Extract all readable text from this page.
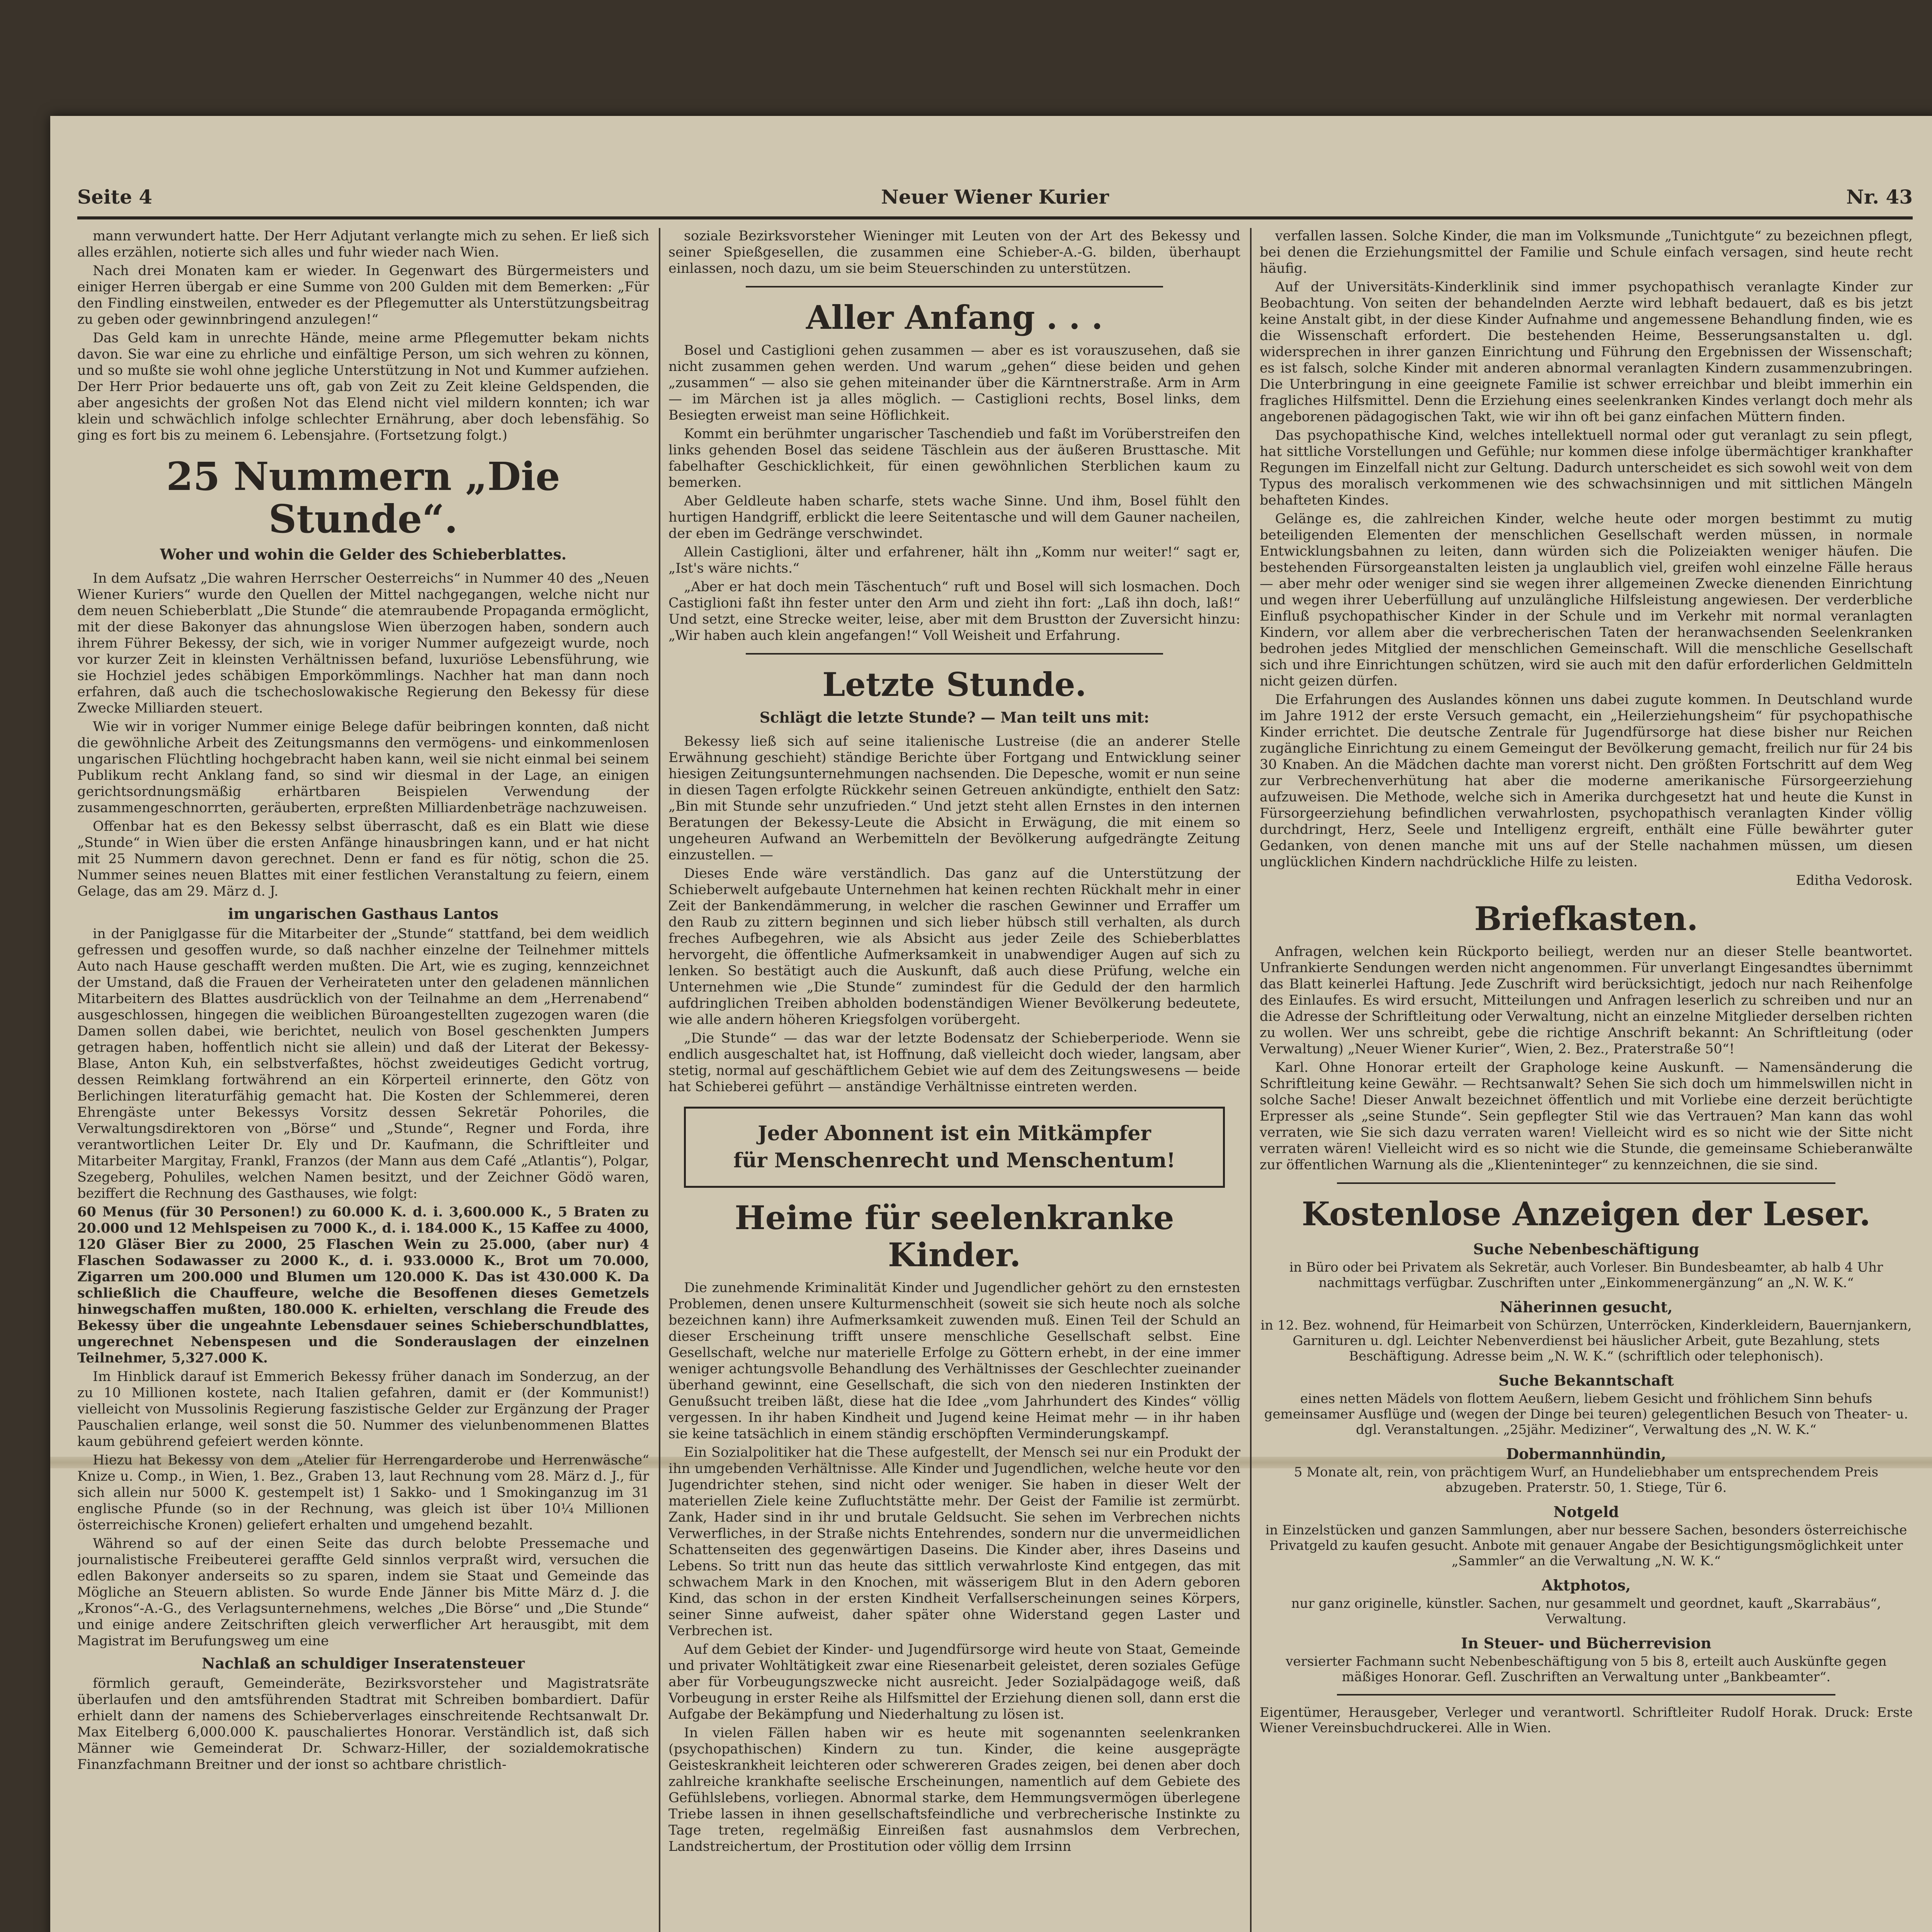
Seite 4	Neuer Wiener Kurier	Nr. 43

mann verwundert hatte. Der Herr Adjutant verlangte mich zu sehen. Er ließ sich alles erzählen, notierte sich alles und fuhr wieder nach Wien.

Nach drei Monaten kam er wieder. In Gegenwart des Bürgermeisters und einiger Herren übergab er eine Summe von 200 Gulden mit dem Bemerken: „Für den Findling einstweilen, entweder es der Pflegemutter als Unterstützungsbeitrag zu geben oder gewinnbringend anzulegen!“

Das Geld kam in unrechte Hände, meine arme Pflegemutter bekam nichts davon. Sie war eine zu ehrliche und einfältige Person, um sich wehren zu können, und so mußte sie wohl ohne jegliche Unterstützung in Not und Kummer aufziehen. Der Herr Prior bedauerte uns oft, gab von Zeit zu Zeit kleine Geldspenden, die aber angesichts der großen Not das Elend nicht viel mildern konnten; ich war klein und schwächlich infolge schlechter Ernährung, aber doch lebensfähig. So ging es fort bis zu meinem 6. Lebensjahre. (Fortsetzung folgt.)

25 Nummern „Die Stunde“.
Woher und wohin die Gelder des Schieberblattes.

In dem Aufsatz „Die wahren Herrscher Oesterreichs“ in Nummer 40 des „Neuen Wiener Kuriers“ wurde den Quellen der Mittel nachgegangen, welche nicht nur dem neuen Schieberblatt „Die Stunde“ die atemraubende Propaganda ermöglicht, mit der diese Bakonyer das ahnungslose Wien überzogen haben, sondern auch ihrem Führer Bekessy, der sich, wie in voriger Nummer aufgezeigt wurde, noch vor kurzer Zeit in kleinsten Verhältnissen befand, luxuriöse Lebensführung, wie sie Hochziel jedes schäbigen Emporkömmlings. Nachher hat man dann noch erfahren, daß auch die tschechoslowakische Regierung den Bekessy für diese Zwecke Milliarden steuert.

Wie wir in voriger Nummer einige Belege dafür beibringen konnten, daß nicht die gewöhnliche Arbeit des Zeitungsmanns den vermögens- und einkommenlosen ungarischen Flüchtling hochgebracht haben kann, weil sie nicht einmal bei seinem Publikum recht Anklang fand, so sind wir diesmal in der Lage, an einigen gerichtsordnungsmäßig erhärtbaren Beispielen Verwendung der zusammengeschnorrten, geräuberten, erpreßten Milliardenbeträge nachzuweisen.

Offenbar hat es den Bekessy selbst überrascht, daß es ein Blatt wie diese „Stunde“ in Wien über die ersten Anfänge hinausbringen kann, und er hat nicht mit 25 Nummern davon gerechnet. Denn er fand es für nötig, schon die 25. Nummer seines neuen Blattes mit einer festlichen Veranstaltung zu feiern, einem Gelage, das am 29. März d. J.

im ungarischen Gasthaus Lantos

in der Paniglgasse für die Mitarbeiter der „Stunde“ stattfand, bei dem weidlich gefressen und gesoffen wurde, so daß nachher einzelne der Teilnehmer mittels Auto nach Hause geschafft werden mußten. Die Art, wie es zuging, kennzeichnet der Umstand, daß die Frauen der Verheirateten unter den geladenen männlichen Mitarbeitern des Blattes ausdrücklich von der Teilnahme an dem „Herrenabend“ ausgeschlossen, hingegen die weiblichen Büroangestellten zugezogen waren (die Damen sollen dabei, wie berichtet, neulich von Bosel geschenkten Jumpers getragen haben, hoffentlich nicht sie allein) und daß der Literat der Bekessy-Blase, Anton Kuh, ein selbstverfaßtes, höchst zweideutiges Gedicht vortrug, dessen Reimklang fortwährend an ein Körperteil erinnerte, den Götz von Berlichingen literaturfähig gemacht hat. Die Kosten der Schlemmerei, deren Ehrengäste unter Bekessys Vorsitz dessen Sekretär Pohoriles, die Verwaltungsdirektoren von „Börse“ und „Stunde“, Regner und Forda, ihre verantwortlichen Leiter Dr. Ely und Dr. Kaufmann, die Schriftleiter und Mitarbeiter Margitay, Frankl, Franzos (der Mann aus dem Café „Atlantis“), Polgar, Szegeberg, Pohuliles, welchen Namen besitzt, und der Zeichner Gödö waren, beziffert die Rechnung des Gasthauses, wie folgt:

60 Menus (für 30 Personen!) zu 60.000 K. d. i. 3,600.000 K., 5 Braten zu 20.000 und 12 Mehlspeisen zu 7000 K., d. i. 184.000 K., 15 Kaffee zu 4000, 120 Gläser Bier zu 2000, 25 Flaschen Wein zu 25.000, (aber nur) 4 Flaschen Sodawasser zu 2000 K., d. i. 933.0000 K., Brot um 70.000, Zigarren um 200.000 und Blumen um 120.000 K. Das ist 430.000 K. Da schließlich die Chauffeure, welche die Besoffenen dieses Gemetzels hinwegschaffen mußten, 180.000 K. erhielten, verschlang die Freude des Bekessy über die ungeahnte Lebensdauer seines Schieberschundblattes, ungerechnet Nebenspesen und die Sonderauslagen der einzelnen Teilnehmer, 5,327.000 K.

Im Hinblick darauf ist Emmerich Bekessy früher danach im Sonderzug, an der zu 10 Millionen kostete, nach Italien gefahren, damit er (der Kommunist!) vielleicht von Mussolinis Regierung faszistische Gelder zur Ergänzung der Prager Pauschalien erlange, weil sonst die 50. Nummer des vielunbenommenen Blattes kaum gebührend gefeiert werden könnte.

Hiezu hat Bekessy von dem „Atelier für Herrengarderobe und Herrenwäsche“ Knize u. Comp., in Wien, 1. Bez., Graben 13, laut Rechnung vom 28. März d. J., für sich allein nur 5000 K. gestempelt ist) 1 Sakko- und 1 Smokinganzug im 31 englische Pfunde (so in der Rechnung, was gleich ist über 10¼ Millionen österreichische Kronen) geliefert erhalten und umgehend bezahlt.

Während so auf der einen Seite das durch belobte Pressemache und journalistische Freibeuterei geraffte Geld sinnlos verpraßt wird, versuchen die edlen Bakonyer anderseits so zu sparen, indem sie Staat und Gemeinde das Mögliche an Steuern ablisten. So wurde Ende Jänner bis Mitte März d. J. die „Kronos“-A.-G., des Verlagsunternehmens, welches „Die Börse“ und „Die Stunde“ und einige andere Zeitschriften gleich verwerflicher Art herausgibt, mit dem Magistrat im Berufungsweg um eine

Nachlaß an schuldiger Inseratensteuer

förmlich gerauft, Gemeinderäte, Bezirksvorsteher und Magistratsräte überlaufen und den amtsführenden Stadtrat mit Schreiben bombardiert. Dafür erhielt dann der namens des Schieberverlages einschreitende Rechtsanwalt Dr. Max Eitelberg 6,000.000 K. pauschaliertes Honorar. Verständlich ist, daß sich Männer wie Gemeinderat Dr. Schwarz-Hiller, der sozialdemokratische Finanzfachmann Breitner und der ionst so achtbare christlich-

soziale Bezirksvorsteher Wieninger mit Leuten von der Art des Bekessy und seiner Spießgesellen, die zusammen eine Schieber-A.-G. bilden, überhaupt einlassen, noch dazu, um sie beim Steuerschinden zu unterstützen.

Aller Anfang . . .

Bosel und Castiglioni gehen zusammen — aber es ist vorauszusehen, daß sie nicht zusammen gehen werden. Und warum „gehen“ diese beiden und gehen „zusammen“ — also sie gehen miteinander über die Kärntnerstraße. Arm in Arm — im Märchen ist ja alles möglich. — Castiglioni rechts, Bosel links, dem Besiegten erweist man seine Höflichkeit.

Kommt ein berühmter ungarischer Taschendieb und faßt im Vorüberstreifen den links gehenden Bosel das seidene Täschlein aus der äußeren Brusttasche. Mit fabelhafter Geschicklichkeit, für einen gewöhnlichen Sterblichen kaum zu bemerken.

Aber Geldleute haben scharfe, stets wache Sinne. Und ihm, Bosel fühlt den hurtigen Handgriff, erblickt die leere Seitentasche und will dem Gauner nacheilen, der eben im Gedränge verschwindet.

Allein Castiglioni, älter und erfahrener, hält ihn „Komm nur weiter!“ sagt er, „Ist's wäre nichts.“

„Aber er hat doch mein Täschentuch“ ruft und Bosel will sich losmachen. Doch Castiglioni faßt ihn fester unter den Arm und zieht ihn fort: „Laß ihn doch, laß!“ Und setzt, eine Strecke weiter, leise, aber mit dem Brustton der Zuversicht hinzu: „Wir haben auch klein angefangen!“ Voll Weisheit und Erfahrung.

Letzte Stunde.
Schlägt die letzte Stunde? — Man teilt uns mit:

Bekessy ließ sich auf seine italienische Lustreise (die an anderer Stelle Erwähnung geschieht) ständige Berichte über Fortgang und Entwicklung seiner hiesigen Zeitungsunternehmungen nachsenden. Die Depesche, womit er nun seine in diesen Tagen erfolgte Rückkehr seinen Getreuen ankündigte, enthielt den Satz: „Bin mit Stunde sehr unzufrieden.“ Und jetzt steht allen Ernstes in den internen Beratungen der Bekessy-Leute die Absicht in Erwägung, die mit einem so ungeheuren Aufwand an Werbemitteln der Bevölkerung aufgedrängte Zeitung einzustellen. —

Dieses Ende wäre verständlich. Das ganz auf die Unterstützung der Schieberwelt aufgebaute Unternehmen hat keinen rechten Rückhalt mehr in einer Zeit der Bankendämmerung, in welcher die raschen Gewinner und Erraffer um den Raub zu zittern beginnen und sich lieber hübsch still verhalten, als durch freches Aufbegehren, wie als Absicht aus jeder Zeile des Schieberblattes hervorgeht, die öffentliche Aufmerksamkeit in unabwendiger Augen auf sich zu lenken. So bestätigt auch die Auskunft, daß auch diese Prüfung, welche ein Unternehmen wie „Die Stunde“ zumindest für die Geduld der den harmlich aufdringlichen Treiben abholden bodenständigen Wiener Bevölkerung bedeutete, wie alle andern höheren Kriegsfolgen vorübergeht.

„Die Stunde“ — das war der letzte Bodensatz der Schieberperiode. Wenn sie endlich ausgeschaltet hat, ist Hoffnung, daß vielleicht doch wieder, langsam, aber stetig, normal auf geschäftlichem Gebiet wie auf dem des Zeitungswesens — beide hat Schieberei geführt — anständige Verhältnisse eintreten werden.

Jeder Abonnent ist ein Mitkämpfer
für Menschenrecht und Menschentum!
Heime für seelenkranke Kinder.

Die zunehmende Kriminalität Kinder und Jugendlicher gehört zu den ernstesten Problemen, denen unsere Kulturmenschheit (soweit sie sich heute noch als solche bezeichnen kann) ihre Aufmerksamkeit zuwenden muß. Einen Teil der Schuld an dieser Erscheinung trifft unsere menschliche Gesellschaft selbst. Eine Gesellschaft, welche nur materielle Erfolge zu Göttern erhebt, in der eine immer weniger achtungsvolle Behandlung des Verhältnisses der Geschlechter zueinander überhand gewinnt, eine Gesellschaft, die sich von den niederen Instinkten der Genußsucht treiben läßt, diese hat die Idee „vom Jahrhundert des Kindes“ völlig vergessen. In ihr haben Kindheit und Jugend keine Heimat mehr — in ihr haben sie keine tatsächlich in einem ständig erschöpften Verminderungskampf.

Ein Sozialpolitiker hat die These aufgestellt, der Mensch sei nur ein Produkt der ihn umgebenden Verhältnisse. Alle Kinder und Jugendlichen, welche heute vor den Jugendrichter stehen, sind nicht oder weniger. Sie haben in dieser Welt der materiellen Ziele keine Zufluchtstätte mehr. Der Geist der Familie ist zermürbt. Zank, Hader sind in ihr und brutale Geldsucht. Sie sehen im Verbrechen nichts Verwerfliches, in der Straße nichts Entehrendes, sondern nur die unvermeidlichen Schattenseiten des gegenwärtigen Daseins. Die Kinder aber, ihres Daseins und Lebens. So tritt nun das heute das sittlich verwahrloste Kind entgegen, das mit schwachem Mark in den Knochen, mit wässerigem Blut in den Adern geboren Kind, das schon in der ersten Kindheit Verfallserscheinungen seines Körpers, seiner Sinne aufweist, daher später ohne Widerstand gegen Laster und Verbrechen ist.

Auf dem Gebiet der Kinder- und Jugendfürsorge wird heute von Staat, Gemeinde und privater Wohltätigkeit zwar eine Riesenarbeit geleistet, deren soziales Gefüge aber für Vorbeugungszwecke nicht ausreicht. Jeder Sozialpädagoge weiß, daß Vorbeugung in erster Reihe als Hilfsmittel der Erziehung dienen soll, dann erst die Aufgabe der Bekämpfung und Niederhaltung zu lösen ist.

In vielen Fällen haben wir es heute mit sogenannten seelenkranken (psychopathischen) Kindern zu tun. Kinder, die keine ausgeprägte Geisteskrankheit leichteren oder schwereren Grades zeigen, bei denen aber doch zahlreiche krankhafte seelische Erscheinungen, namentlich auf dem Gebiete des Gefühlslebens, vorliegen. Abnormal starke, dem Hemmungsvermögen überlegene Triebe lassen in ihnen gesellschaftsfeindliche und verbrecherische Instinkte zu Tage treten, regelmäßig Einreißen fast ausnahmslos dem Verbrechen, Landstreichertum, der Prostitution oder völlig dem Irrsinn

verfallen lassen. Solche Kinder, die man im Volksmunde „Tunichtgute“ zu bezeichnen pflegt, bei denen die Erziehungsmittel der Familie und Schule einfach versagen, sind heute recht häufig.

Auf der Universitäts-Kinderklinik sind immer psychopathisch veranlagte Kinder zur Beobachtung. Von seiten der behandelnden Aerzte wird lebhaft bedauert, daß es bis jetzt keine Anstalt gibt, in der diese Kinder Aufnahme und angemessene Behandlung finden, wie es die Wissenschaft erfordert. Die bestehenden Heime, Besserungsanstalten u. dgl. widersprechen in ihrer ganzen Einrichtung und Führung den Ergebnissen der Wissenschaft; es ist falsch, solche Kinder mit anderen abnormal veranlagten Kindern zusammenzubringen. Die Unterbringung in eine geeignete Familie ist schwer erreichbar und bleibt immerhin ein fragliches Hilfsmittel. Denn die Erziehung eines seelenkranken Kindes verlangt doch mehr als angeborenen pädagogischen Takt, wie wir ihn oft bei ganz einfachen Müttern finden.

Das psychopathische Kind, welches intellektuell normal oder gut veranlagt zu sein pflegt, hat sittliche Vorstellungen und Gefühle; nur kommen diese infolge übermächtiger krankhafter Regungen im Einzelfall nicht zur Geltung. Dadurch unterscheidet es sich sowohl weit von dem Typus des moralisch verkommenen wie des schwachsinnigen und mit sittlichen Mängeln behafteten Kindes.

Gelänge es, die zahlreichen Kinder, welche heute oder morgen bestimmt zu mutig beteiligenden Elementen der menschlichen Gesellschaft werden müssen, in normale Entwicklungsbahnen zu leiten, dann würden sich die Polizeiakten weniger häufen. Die bestehenden Fürsorgeanstalten leisten ja unglaublich viel, greifen wohl einzelne Fälle heraus — aber mehr oder weniger sind sie wegen ihrer allgemeinen Zwecke dienenden Einrichtung und wegen ihrer Ueberfüllung auf unzulängliche Hilfsleistung angewiesen. Der verderbliche Einfluß psychopathischer Kinder in der Schule und im Verkehr mit normal veranlagten Kindern, vor allem aber die verbrecherischen Taten der heranwachsenden Seelenkranken bedrohen jedes Mitglied der menschlichen Gemeinschaft. Will die menschliche Gesellschaft sich und ihre Einrichtungen schützen, wird sie auch mit den dafür erforderlichen Geldmitteln nicht geizen dürfen.

Die Erfahrungen des Auslandes können uns dabei zugute kommen. In Deutschland wurde im Jahre 1912 der erste Versuch gemacht, ein „Heilerziehungsheim“ für psychopathische Kinder errichtet. Die deutsche Zentrale für Jugendfürsorge hat diese bisher nur Reichen zugängliche Einrichtung zu einem Gemeingut der Bevölkerung gemacht, freilich nur für 24 bis 30 Knaben. An die Mädchen dachte man vorerst nicht. Den größten Fortschritt auf dem Weg zur Verbrechenverhütung hat aber die moderne amerikanische Fürsorgeerziehung aufzuweisen. Die Methode, welche sich in Amerika durchgesetzt hat und heute die Kunst in Fürsorgeerziehung befindlichen verwahrlosten, psychopathisch veranlagten Kinder völlig durchdringt, Herz, Seele und Intelligenz ergreift, enthält eine Fülle bewährter guter Gedanken, von denen manche mit uns auf der Stelle nachahmen müssen, um diesen unglücklichen Kindern nachdrückliche Hilfe zu leisten.

Editha Vedorosk.

Briefkasten.

Anfragen, welchen kein Rückporto beiliegt, werden nur an dieser Stelle beantwortet. Unfrankierte Sendungen werden nicht angenommen. Für unverlangt Eingesandtes übernimmt das Blatt keinerlei Haftung. Jede Zuschrift wird berücksichtigt, jedoch nur nach Reihenfolge des Einlaufes. Es wird ersucht, Mitteilungen und Anfragen leserlich zu schreiben und nur an die Adresse der Schriftleitung oder Verwaltung, nicht an einzelne Mitglieder derselben richten zu wollen. Wer uns schreibt, gebe die richtige Anschrift bekannt: An Schriftleitung (oder Verwaltung) „Neuer Wiener Kurier“, Wien, 2. Bez., Praterstraße 50“!

Karl. Ohne Honorar erteilt der Graphologe keine Auskunft. — Namensänderung die Schriftleitung keine Gewähr. — Rechtsanwalt? Sehen Sie sich doch um himmelswillen nicht in solche Sache! Dieser Anwalt bezeichnet öffentlich und mit Vorliebe eine derzeit berüchtigte Erpresser als „seine Stunde“. Sein gepflegter Stil wie das Vertrauen? Man kann das wohl verraten, wie Sie sich dazu verraten waren! Vielleicht wird es so nicht wie der Sitte nicht verraten wären! Vielleicht wird es so nicht wie die Stunde, die gemeinsame Schieberanwälte zur öffentlichen Warnung als die „Klienteninteger“ zu kennzeichnen, die sie sind.

Kostenlose Anzeigen der Leser.
Suche Nebenbeschäftigung

in Büro oder bei Privatem als Sekretär, auch Vorleser. Bin Bundesbeamter, ab halb 4 Uhr nachmittags verfügbar. Zuschriften unter „Einkommenergänzung“ an „N. W. K.“

Näherinnen gesucht,

in 12. Bez. wohnend, für Heimarbeit von Schürzen, Unterröcken, Kinderkleidern, Bauernjankern, Garnituren u. dgl. Leichter Nebenverdienst bei häuslicher Arbeit, gute Bezahlung, stets Beschäftigung. Adresse beim „N. W. K.“ (schriftlich oder telephonisch).

Suche Bekanntschaft

eines netten Mädels von flottem Aeußern, liebem Gesicht und fröhlichem Sinn behufs gemeinsamer Ausflüge und (wegen der Dinge bei teuren) gelegentlichen Besuch von Theater- u. dgl. Veranstaltungen. „25jähr. Mediziner“, Verwaltung des „N. W. K.“

Dobermannhündin,

5 Monate alt, rein, von prächtigem Wurf, an Hundeliebhaber um entsprechendem Preis abzugeben. Praterstr. 50, 1. Stiege, Tür 6.

Notgeld

in Einzelstücken und ganzen Sammlungen, aber nur bessere Sachen, besonders österreichische Privatgeld zu kaufen gesucht. Anbote mit genauer Angabe der Besichtigungsmöglichkeit unter „Sammler“ an die Verwaltung „N. W. K.“

Aktphotos,

nur ganz originelle, künstler. Sachen, nur gesammelt und geordnet, kauft „Skarrabäus“, Verwaltung.

In Steuer- und Bücherrevision

versierter Fachmann sucht Nebenbeschäftigung von 5 bis 8, erteilt auch Auskünfte gegen mäßiges Honorar. Gefl. Zuschriften an Verwaltung unter „Bankbeamter“.

Eigentümer, Herausgeber, Verleger und verantwortl. Schriftleiter Rudolf Horak. Druck: Erste Wiener Vereinsbuchdruckerei. Alle in Wien.
